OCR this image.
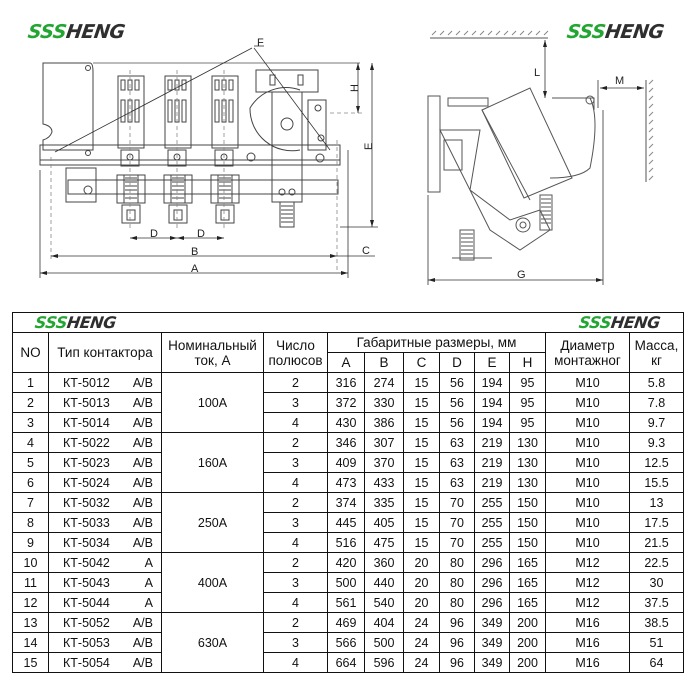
SSSHENG	SSSHENG
F
D	D
B
A
C
H
E
L
M
G
SSSHENG SSSHENG											

NO	Тип контактора	Номинальный
ток, А	Число
полюсов	Габаритные размеры, мм						Диаметр
монтажног	Масса,
кг
				A	B	C	D	E	H		
1	КТ-5012 A/B	100A	2	316	274	15	56	194	95	M10	5.8
2	КТ-5013 A/B		3	372	330	15	56	194	95	M10	7.8
3	КТ-5014 A/B		4	430	386	15	56	194	95	M10	9.7
4	КТ-5022 A/B	160A	2	346	307	15	63	219	130	M10	9.3
5	КТ-5023 A/B		3	409	370	15	63	219	130	M10	12.5
6	КТ-5024 A/B		4	473	433	15	63	219	130	M10	15.5
7	КТ-5032 A/B	250A	2	374	335	15	70	255	150	M10	13
8	КТ-5033 A/B		3	445	405	15	70	255	150	M10	17.5
9	КТ-5034 A/B		4	516	475	15	70	255	150	M10	21.5
10	КТ-5042 A	400A	2	420	360	20	80	296	165	M12	22.5
11	КТ-5043 A		3	500	440	20	80	296	165	M12	30
12	КТ-5044 A		4	561	540	20	80	296	165	M12	37.5
13	КТ-5052 A/B	630A	2	469	404	24	96	349	200	M16	38.5
14	КТ-5053 A/B		3	566	500	24	96	349	200	M16	51
15	КТ-5054 A/B		4	664	596	24	96	349	200	M16	64
